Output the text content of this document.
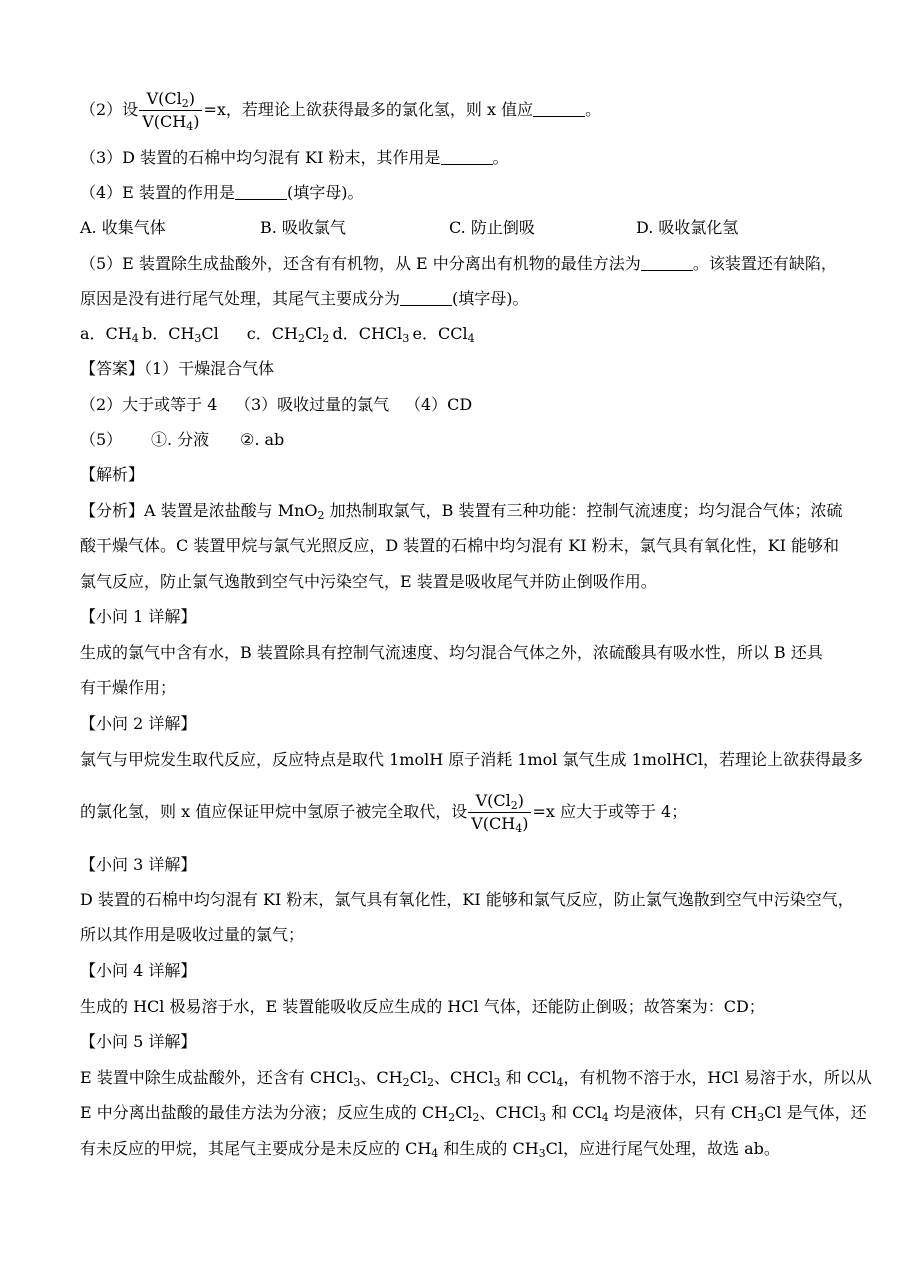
（2）设 $\frac{V(Cl_2)}{V(CH_4)} =x$，若理论上欲获得最多的氯化氢，则 x 值应	。
（3）D 装置的石棉中均匀混有 KI 粉末，其作用是	。
（4）E 装置的作用是	(填字母)。
A. 收集气体	B. 吸收氯气	C. 防止倒吸	D. 吸收氯化氢
（5）E 装置除生成盐酸外，还含有有机物，从 E 中分离出有机物的最佳方法为	。该装置还有缺陷，
原因是没有进行尾气处理，其尾气主要成分为	(填字母)。
a．$CH_4$  b．$CH_3Cl$ c．$CH_2Cl_2$  d．CHCl$_3$  e．CCl$_4$
【答案】（1）干燥混合气体
（2）大于或等于 4 （3）吸收过量的氯气 （4）CD
（5） ①. 分液 ②. ab
【解析】
【分析】A 装置是浓盐酸与 MnO$_2$ 加热制取氯气，B 装置有三种功能：控制气流速度；均匀混合气体；浓硫
酸干燥气体。C 装置甲烷与氯气光照反应，D 装置的石棉中均匀混有 KI 粉末，氯气具有氧化性，KI 能够和
氯气反应，防止氯气逸散到空气中污染空气，E 装置是吸收尾气并防止倒吸作用。
【小问 1 详解】
生成的氯气中含有水，B 装置除具有控制气流速度、均匀混合气体之外，浓硫酸具有吸水性，所以 B 还具
有干燥作用；
【小问 2 详解】
氯气与甲烷发生取代反应，反应特点是取代 1molH 原子消耗 1mol 氯气生成 1molHCl，若理论上欲获得最多
的氯化氢，则 x 值应保证甲烷中氢原子被完全取代，设 $\frac{V(Cl_2)}{V(CH_4)} =x$ 应大于或等于 4；
【小问 3 详解】
D 装置的石棉中均匀混有 KI 粉末，氯气具有氧化性，KI 能够和氯气反应，防止氯气逸散到空气中污染空气，
所以其作用是吸收过量的氯气；
【小问 4 详解】
生成的 HCl 极易溶于水，E 装置能吸收反应生成的 HCl 气体，还能防止倒吸；故答案为：CD；
【小问 5 详解】
E 装置中除生成盐酸外，还含有 CHCl$_3$、$CH_2Cl_2$、CHCl$_3$ 和 CCl$_4$，有机物不溶于水，HCl 易溶于水，所以从
E 中分离出盐酸的最佳方法为分液；反应生成的 $CH_2Cl_2$、CHCl$_3$ 和 CCl$_4$ 均是液体，只有 $CH_3Cl$ 是气体，还
有未反应的甲烷，其尾气主要成分是未反应的 $CH_4$ 和生成的 $CH_3Cl$，应进行尾气处理，故选 ab。
